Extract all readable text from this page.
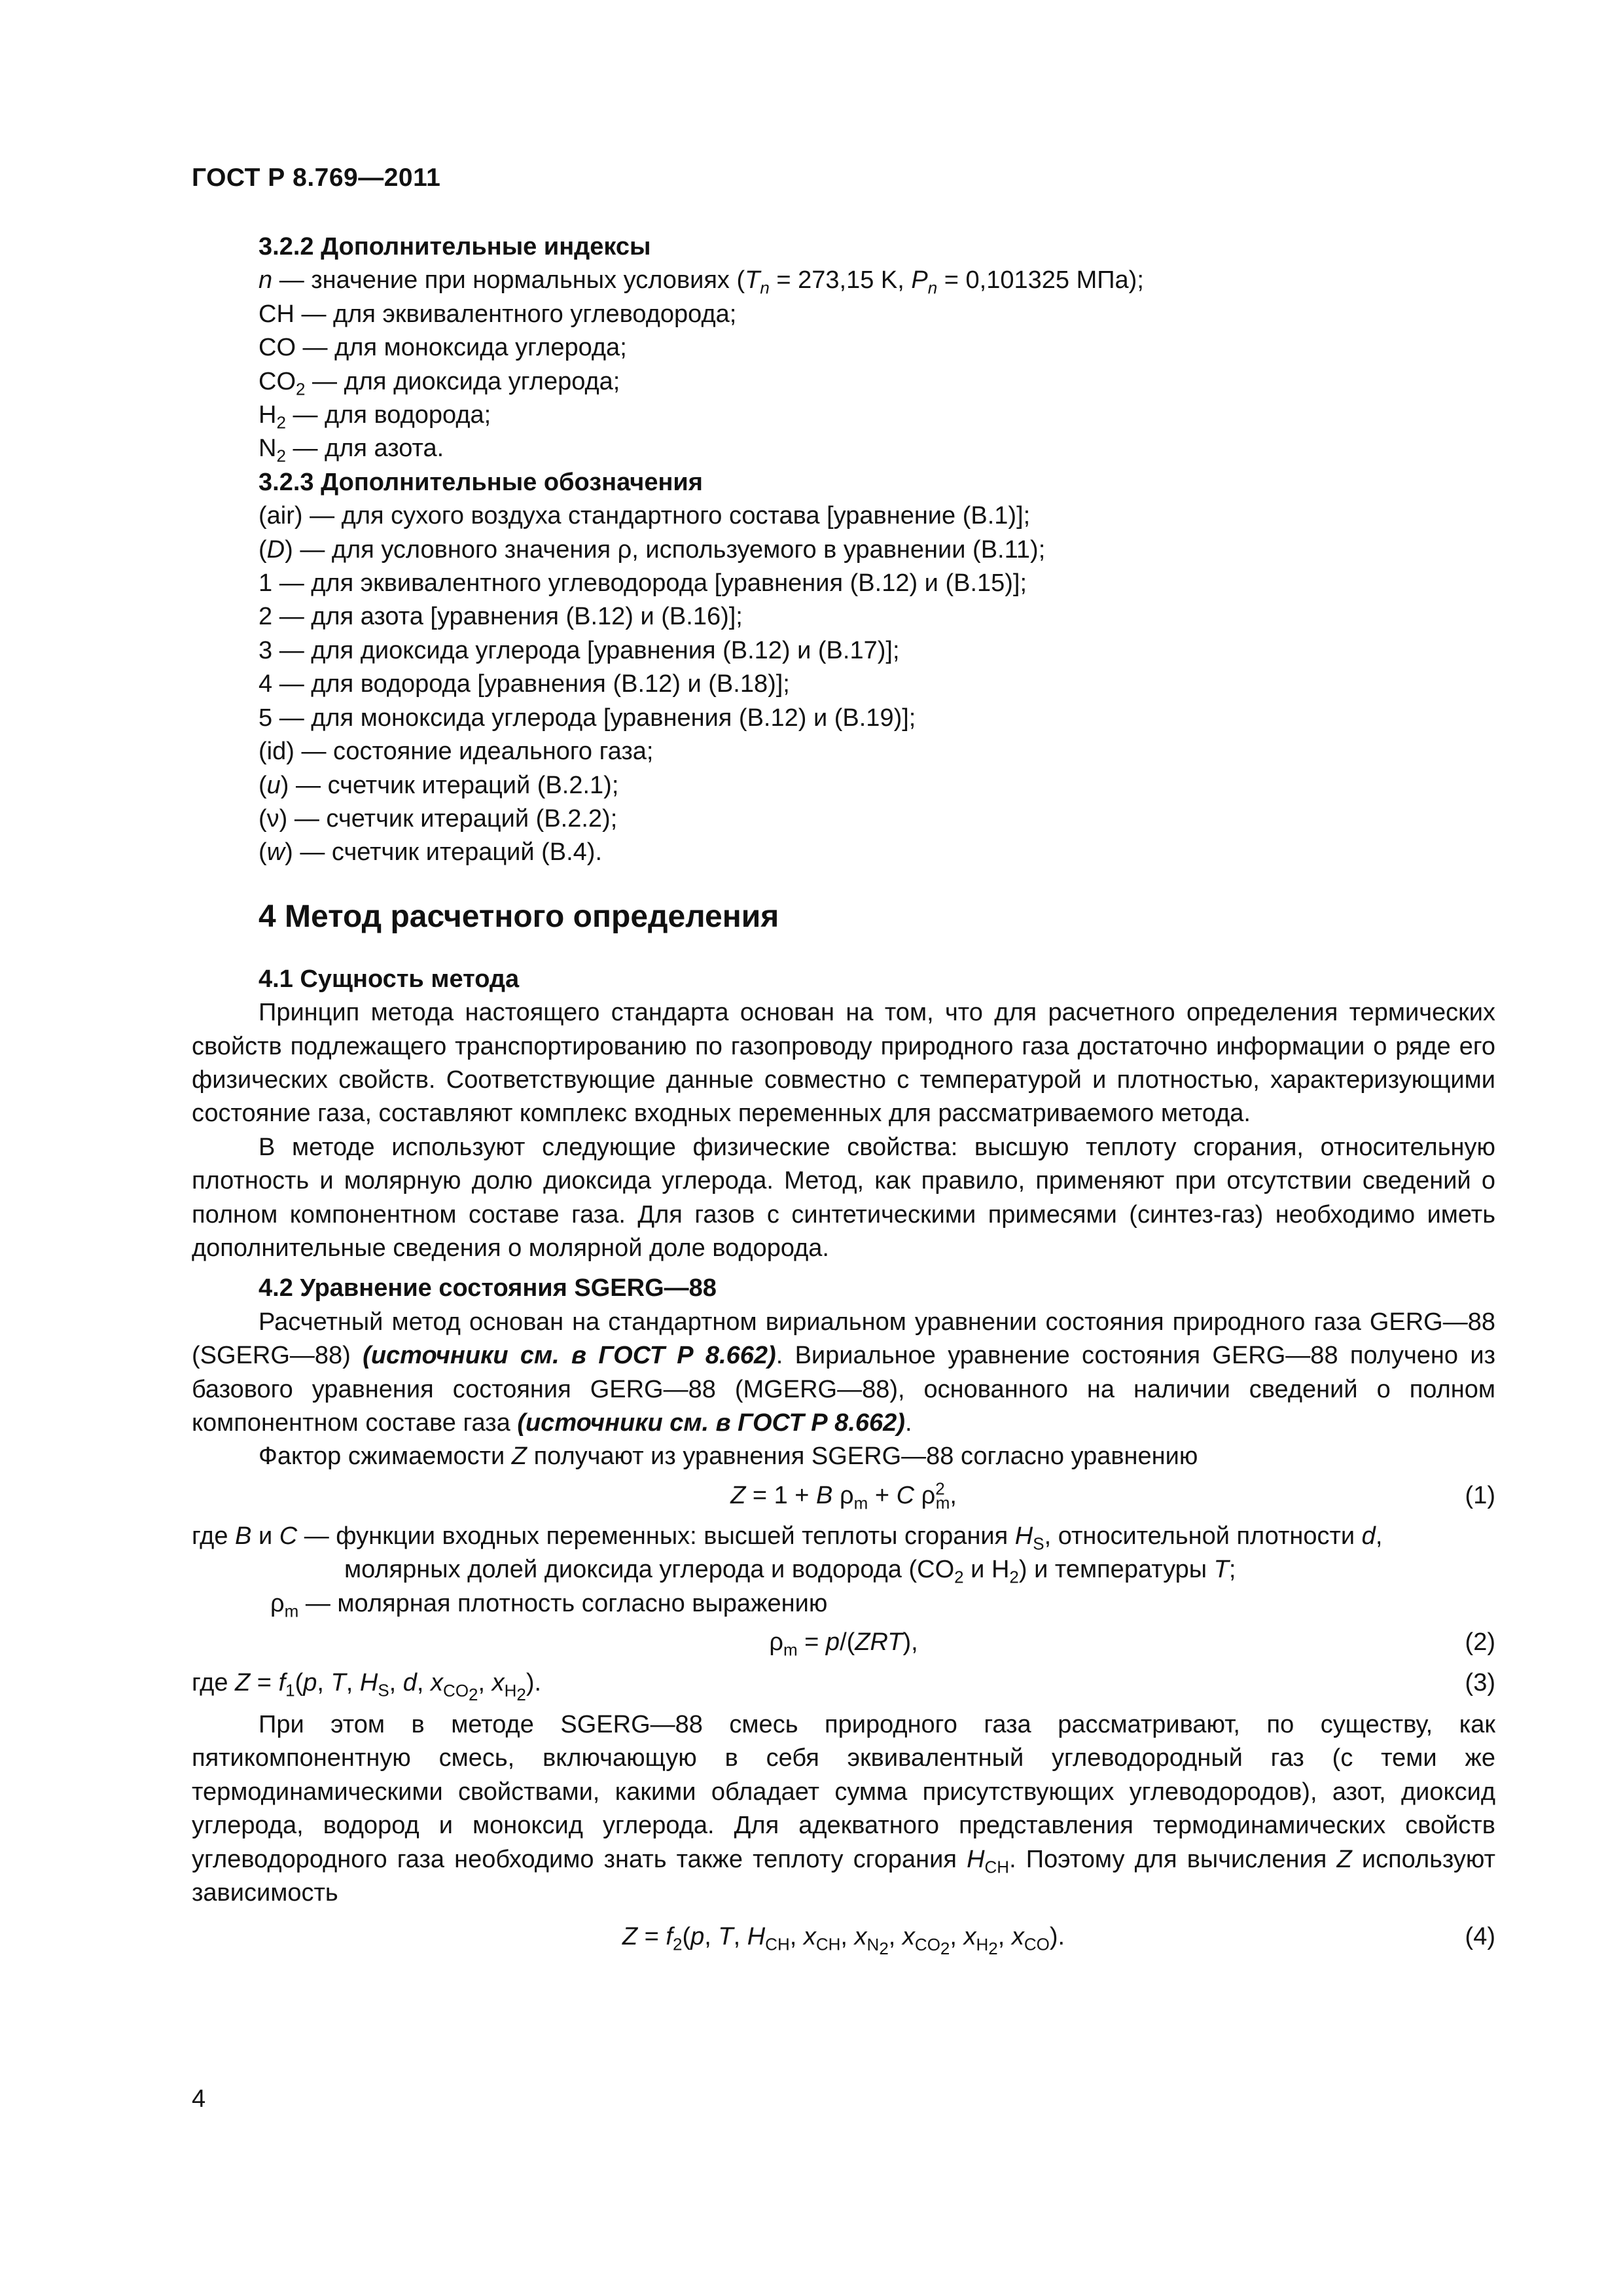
ГОСТ Р 8.769—2011
3.2.2 Дополнительные индексы
n — значение при нормальных условиях ($T_n = 273,15$ K, $P_n = 0,101325$ МПа);
CH — для эквивалентного углеводорода;
CO — для моноксида углерода;
$CO_2$ — для диоксида углерода;
$H_2$ — для водорода;
$N_2$ — для азота.
3.2.3 Дополнительные обозначения
(air) — для сухого воздуха стандартного состава [уравнение (В.1)];
(D) — для условного значения ρ, используемого в уравнении (В.11);
1 — для эквивалентного углеводорода [уравнения (В.12) и (В.15)];
2 — для азота [уравнения (В.12) и (В.16)];
3 — для диоксида углерода [уравнения (В.12) и (В.17)];
4 — для водорода [уравнения (В.12) и (В.18)];
5 — для моноксида углерода [уравнения (В.12) и (В.19)];
(id) — состояние идеального газа;
(u) — счетчик итераций (В.2.1);
(ν) — счетчик итераций (В.2.2);
(w) — счетчик итераций (В.4).
4 Метод расчетного определения
4.1 Сущность метода

Принцип метода настоящего стандарта основан на том, что для расчетного определения термических свойств подлежащего транспортированию по газопроводу природного газа достаточно информации о ряде его физических свойств. Соответствующие данные совместно с температурой и плотностью, характеризующими состояние газа, составляют комплекс входных переменных для рассматриваемого метода.

В методе используют следующие физические свойства: высшую теплоту сгорания, относительную плотность и молярную долю диоксида углерода. Метод, как правило, применяют при отсутствии сведений о полном компонентном составе газа. Для газов с синтетическими примесями (синтез-газ) необходимо иметь дополнительные сведения о молярной доле водорода.

4.2 Уравнение состояния SGERG—88

Расчетный метод основан на стандартном вириальном уравнении состояния природного газа GERG—88 (SGERG—88) (источники см. в ГОСТ Р 8.662). Вириальное уравнение состояния GERG—88 получено из базового уравнения состояния GERG—88 (MGERG—88), основанного на наличии сведений о полном компонентном составе газа (источники см. в ГОСТ Р 8.662).

Фактор сжимаемости Z получают из уравнения SGERG—88 согласно уравнению

Z = 1 + B $\rho_m + C$ $\rho^2_m$,	(1)
где B и C — функции входных переменных: высшей теплоты сгорания $H_S$, относительной плотности d,
молярных долей диоксида углерода и водорода ($CO_2$ и $H_2$) и температуры T;
$\rho_m$ — молярная плотность согласно выражению
$\rho_m = p/(ZRT)$,	(2)
где $Z = f_1(p$, T, $H_S$, d, $x_{CO_2}$, $x_{H_2}$).	(3)

При этом в методе SGERG—88 смесь природного газа рассматривают, по существу, как пятикомпонентную смесь, включающую в себя эквивалентный углеводородный газ (с теми же термодинамическими свойствами, какими обладает сумма присутствующих углеводородов), азот, диоксид углерода, водород и моноксид углерода. Для адекватного представления термодинамических свойств углеводородного газа необходимо знать также теплоту сгорания $H_{CH}$. Поэтому для вычисления Z используют зависимость

$Z = f_2(p$, T, $H_{CH}$, $x_{CH}$, $x_{N_2}$, $x_{CO_2}$, $x_{H_2}$, $x_{CO}$).	(4)
4
